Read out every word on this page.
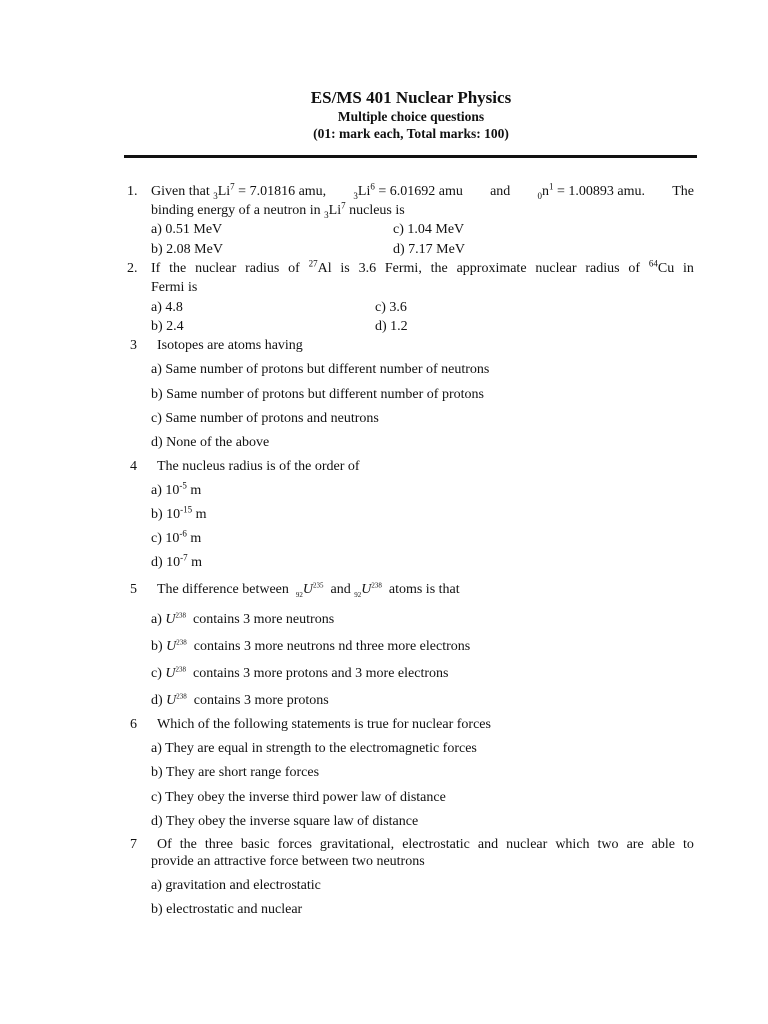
ES/MS 401 Nuclear Physics
Multiple choice questions
(01: mark each, Total marks: 100)
1. Given that $_3Li^7 = 7.01816$ amu,	$_3Li^6 = 6.01692$ amu and	$_0n^1 = 1.00893$ amu. The
binding energy of a neutron in $_3Li^7$ nucleus is
a) 0.51 MeV
b) 2.08 MeV
c) 1.04 MeV
d) 7.17 MeV
2. If the nuclear radius of $^{27}$Al is 3.6 Fermi, the approximate nuclear radius of $^{64}$Cu in
Fermi is
a) 4.8
b) 2.4
c) 3.6
d) 1.2
3 Isotopes are atoms having
a) Same number of protons but different number of neutrons
b) Same number of protons but different number of protons
c) Same number of protons and neutrons
d) None of the above
4 The nucleus radius is of the order of
a) $10^{-5}$ m
b) $10^{-15}$ m
c) $10^{-6}$ m
d) $10^{-7}$ m
5 The difference between  $_{92}U^{235}$  and $_{92}U^{238}$  atoms is that
a) $U^{238}$  contains 3 more neutrons
b) $U^{238}$  contains 3 more neutrons nd three more electrons
c) $U^{238}$  contains 3 more protons and 3 more electrons
d) $U^{238}$  contains 3 more protons
6 Which of the following statements is true for nuclear forces
a) They are equal in strength to the electromagnetic forces
b) They are short range forces
c) They obey the inverse third power law of distance
d) They obey the inverse square law of distance
7 Of the three basic forces gravitational, electrostatic and nuclear which two are able to
provide an attractive force between two neutrons
a) gravitation and electrostatic
b) electrostatic and nuclear
